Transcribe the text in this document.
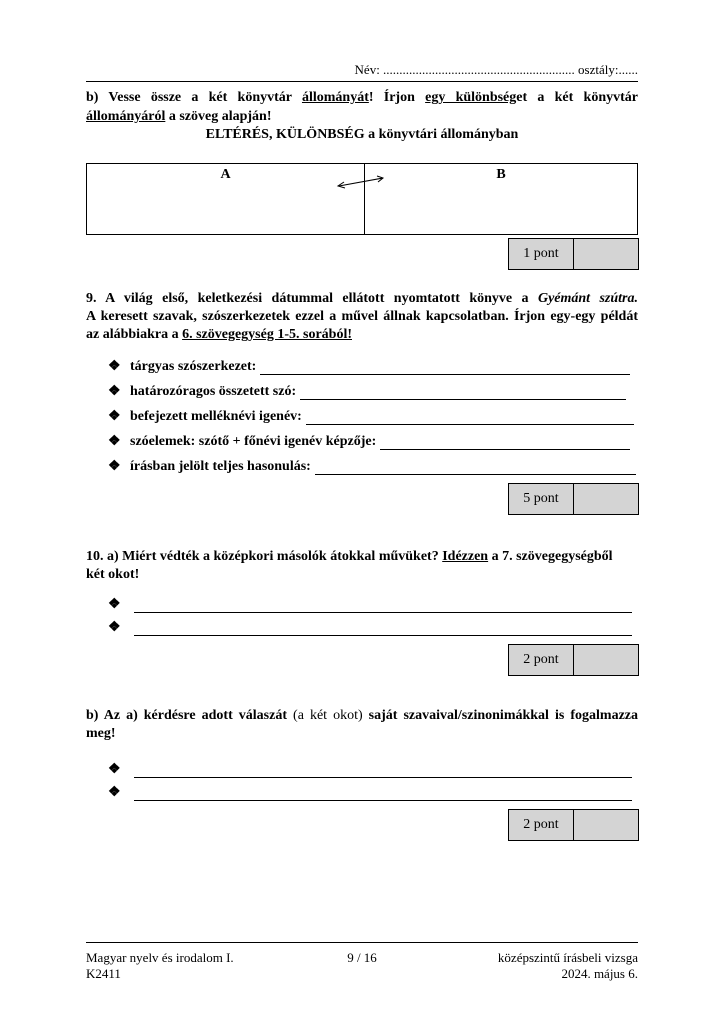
Név: ........................................................... osztály:......
b) Vesse össze a két könyvtár állományát! Írjon egy különbséget a két könyvtár
állományáról a szöveg alapján!
ELTÉRÉS, KÜLÖNBSÉG a könyvtári állományban
A	B
1 pont
9. A világ első, keletkezési dátummal ellátott nyomtatott könyve a Gyémánt szútra.
A keresett szavak, szószerkezetek ezzel a művel állnak kapcsolatban. Írjon egy-egy példát
az alábbiakra a 6. szövegegység 1-5. sorából!
❖ tárgyas szószerkezet:
❖ határozóragos összetett szó:
❖ befejezett melléknévi igenév:
❖ szóelemek: szótő + főnévi igenév képzője:
❖ írásban jelölt teljes hasonulás:
5 pont
10. a) Miért védték a középkori másolók átokkal művüket? Idézzen a 7. szövegegységből
két okot!
❖
❖
2 pont
b) Az a) kérdésre adott válaszát (a két okot) saját szavaival/szinonimákkal is fogalmazza
meg!
❖
❖
2 pont
Magyar nyelv és irodalom I.
K2411
9 / 16	középszintű írásbeli vizsga
2024. május 6.
